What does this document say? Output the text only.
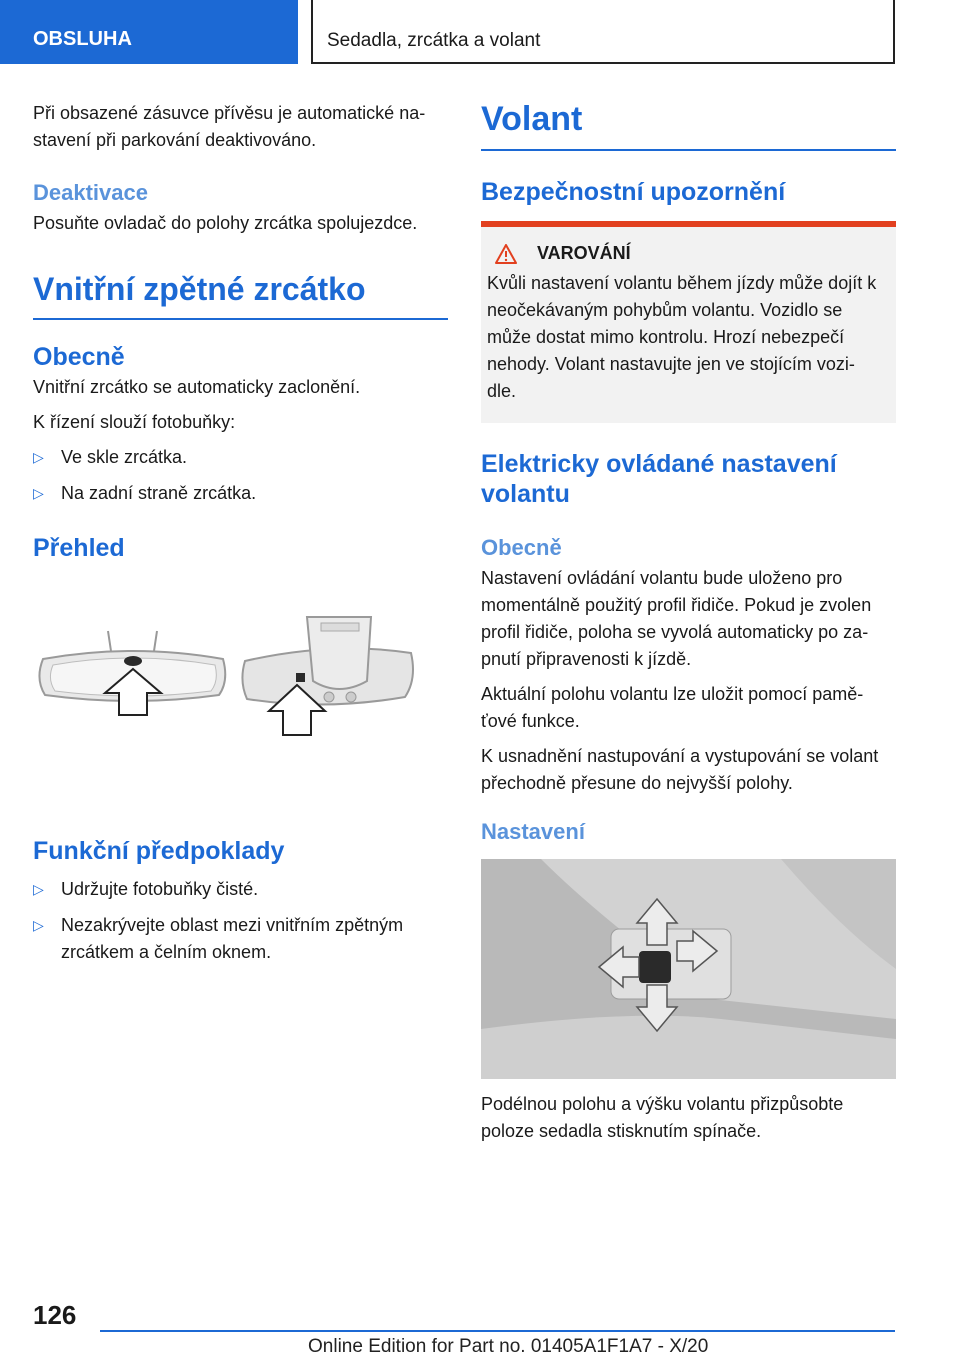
OBSLUHA	Sedadla, zrcátka a volant

Při obsazené zásuvce přívěsu je automatické na-stavení při parkování deaktivováno.

Deaktivace

Posuňte ovladač do polohy zrcátka spolujezdce.

Vnitřní zpětné zrcátko
Obecně

Vnitřní zrcátko se automaticky zaclonění.

K řízení slouží fotobuňky:

▷ Ve skle zrcátka.
▷ Na zadní straně zrcátka.
Přehled
Funkční předpoklady
▷ Udržujte fotobuňky čisté.
▷ Nezakrývejte oblast mezi vnitřním zpětným zrcátkem a čelním oknem.
Volant
Bezpečnostní upozornění
VAROVÁNÍ

Kvůli nastavení volantu během jízdy může dojít k neočekávaným pohybům volantu. Vozidlo se může dostat mimo kontrolu. Hrozí nebezpečí nehody. Volant nastavujte jen ve stojícím vozi-dle.

Elektricky ovládané nastavení volantu
Obecně

Nastavení ovládání volantu bude uloženo pro momentálně použitý profil řidiče. Pokud je zvolen profil řidiče, poloha se vyvolá automaticky po za-pnutí připravenosti k jízdě.

Aktuální polohu volantu lze uložit pomocí pamě-ťové funkce.

K usnadnění nastupování a vystupování se volant přechodně přesune do nejvyšší polohy.

Nastavení

Podélnou polohu a výšku volantu přizpůsobte poloze sedadla stisknutím spínače.

126
Online Edition for Part no. 01405A1F1A7 - X/20
